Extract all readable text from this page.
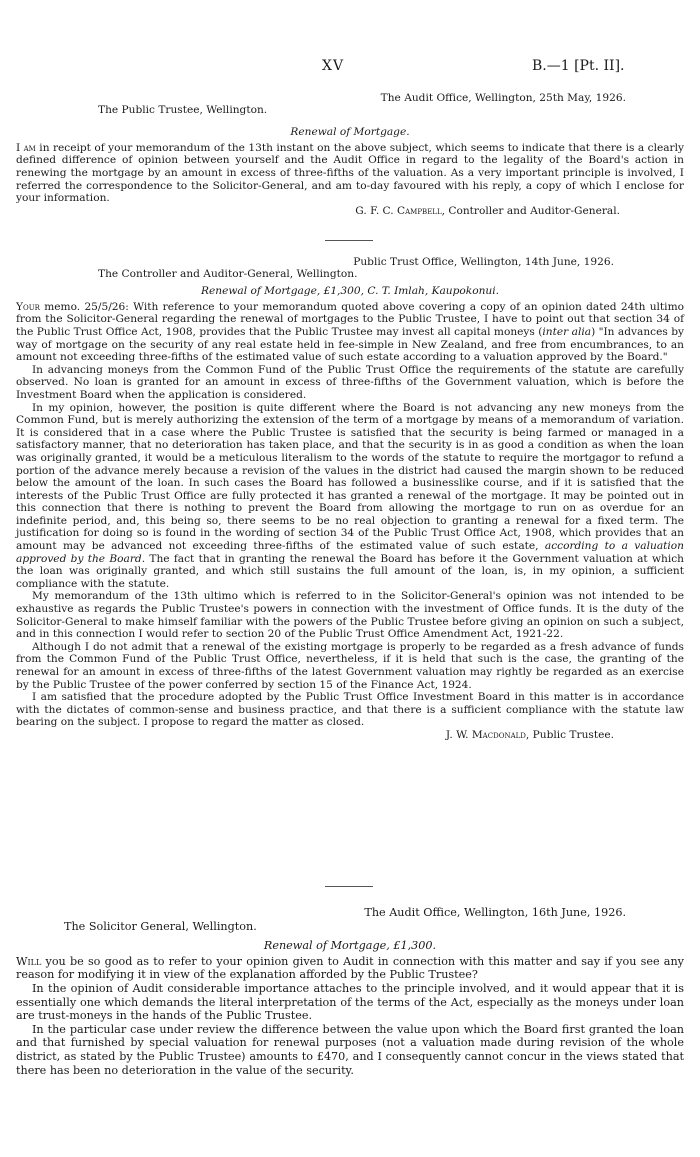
XV	B.—1 [Pt. II].

The Audit Office, Wellington, 25th May, 1926.

The Public Trustee, Wellington.

Renewal of Mortgage.

I am in receipt of your memorandum of the 13th instant on the above subject, which seems to indicate that there is a clearly defined difference of opinion between yourself and the Audit Office in regard to the legality of the Board's action in renewing the mortgage by an amount in excess of three-fifths of the valuation. As a very important principle is involved, I referred the correspondence to the Solicitor-General, and am to-day favoured with his reply, a copy of which I enclose for your information.

G. F. C. Campbell, Controller and Auditor-General.

Public Trust Office, Wellington, 14th June, 1926.

The Controller and Auditor-General, Wellington.

Renewal of Mortgage, £1,300, C. T. Imlah, Kaupokonui.

Your memo. 25/5/26: With reference to your memorandum quoted above covering a copy of an opinion dated 24th ultimo from the Solicitor-General regarding the renewal of mortgages to the Public Trustee, I have to point out that section 34 of the Public Trust Office Act, 1908, provides that the Public Trustee may invest all capital moneys (inter alia) "In advances by way of mortgage on the security of any real estate held in fee-simple in New Zealand, and free from encumbrances, to an amount not exceeding three-fifths of the estimated value of such estate according to a valuation approved by the Board."

In advancing moneys from the Common Fund of the Public Trust Office the requirements of the statute are carefully observed. No loan is granted for an amount in excess of three-fifths of the Government valuation, which is before the Investment Board when the application is considered.

In my opinion, however, the position is quite different where the Board is not advancing any new moneys from the Common Fund, but is merely authorizing the extension of the term of a mortgage by means of a memorandum of variation. It is considered that in a case where the Public Trustee is satisfied that the security is being farmed or managed in a satisfactory manner, that no deterioration has taken place, and that the security is in as good a condition as when the loan was originally granted, it would be a meticulous literalism to the words of the statute to require the mortgagor to refund a portion of the advance merely because a revision of the values in the district had caused the margin shown to be reduced below the amount of the loan. In such cases the Board has followed a businesslike course, and if it is satisfied that the interests of the Public Trust Office are fully protected it has granted a renewal of the mortgage. It may be pointed out in this connection that there is nothing to prevent the Board from allowing the mortgage to run on as overdue for an indefinite period, and, this being so, there seems to be no real objection to granting a renewal for a fixed term. The justification for doing so is found in the wording of section 34 of the Public Trust Office Act, 1908, which provides that an amount may be advanced not exceeding three-fifths of the estimated value of such estate, according to a valuation approved by the Board. The fact that in granting the renewal the Board has before it the Government valuation at which the loan was originally granted, and which still sustains the full amount of the loan, is, in my opinion, a sufficient compliance with the statute.

My memorandum of the 13th ultimo which is referred to in the Solicitor-General's opinion was not intended to be exhaustive as regards the Public Trustee's powers in connection with the investment of Office funds. It is the duty of the Solicitor-General to make himself familiar with the powers of the Public Trustee before giving an opinion on such a subject, and in this connection I would refer to section 20 of the Public Trust Office Amendment Act, 1921-22.

Although I do not admit that a renewal of the existing mortgage is properly to be regarded as a fresh advance of funds from the Common Fund of the Public Trust Office, nevertheless, if it is held that such is the case, the granting of the renewal for an amount in excess of three-fifths of the latest Government valuation may rightly be regarded as an exercise by the Public Trustee of the power conferred by section 15 of the Finance Act, 1924.

I am satisfied that the procedure adopted by the Public Trust Office Investment Board in this matter is in accordance with the dictates of common-sense and business practice, and that there is a sufficient compliance with the statute law bearing on the subject. I propose to regard the matter as closed.

J. W. Macdonald, Public Trustee.

The Audit Office, Wellington, 16th June, 1926.

The Solicitor General, Wellington.

Renewal of Mortgage, £1,300.

Will you be so good as to refer to your opinion given to Audit in connection with this matter and say if you see any reason for modifying it in view of the explanation afforded by the Public Trustee?

In the opinion of Audit considerable importance attaches to the principle involved, and it would appear that it is essentially one which demands the literal interpretation of the terms of the Act, especially as the moneys under loan are trust-moneys in the hands of the Public Trustee.

In the particular case under review the difference between the value upon which the Board first granted the loan and that furnished by special valuation for renewal purposes (not a valuation made during revision of the whole district, as stated by the Public Trustee) amounts to £470, and I consequently cannot concur in the views stated that there has been no deterioration in the value of the security.
